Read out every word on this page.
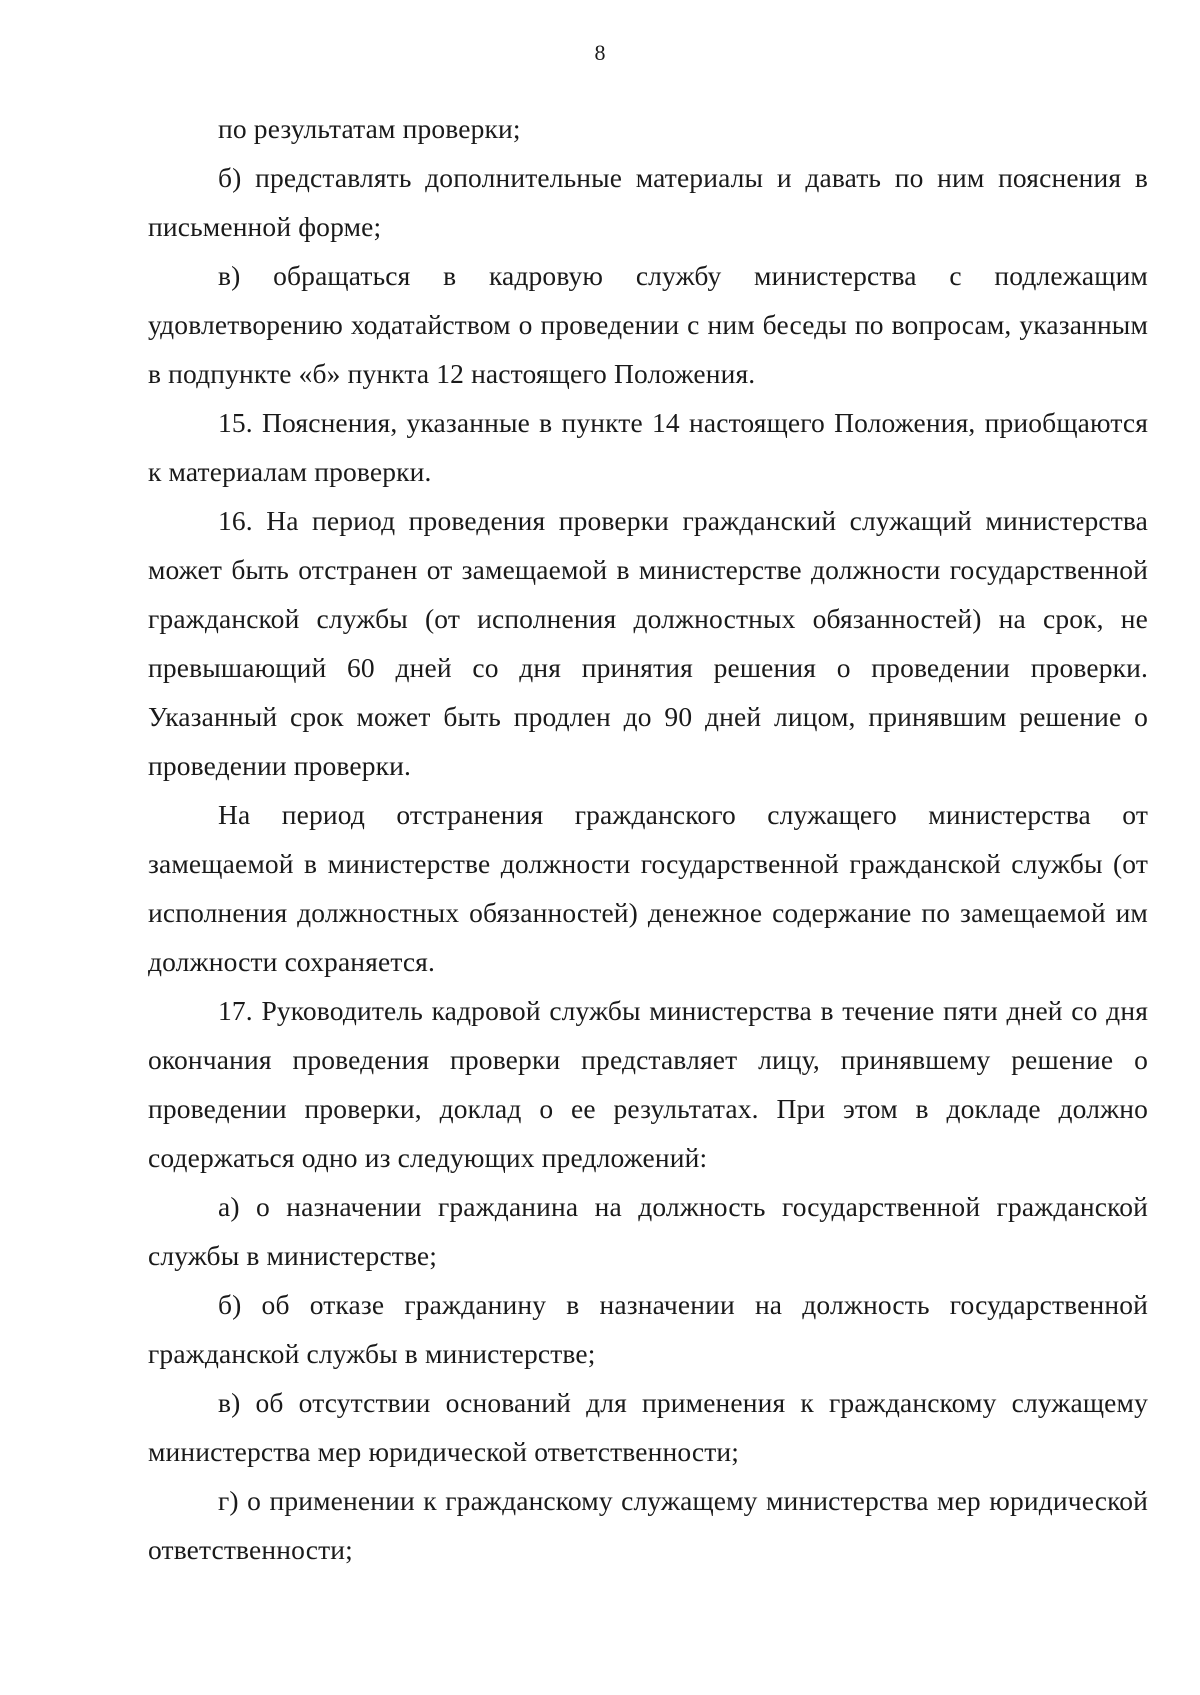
8

по результатам проверки;

б) представлять дополнительные материалы и давать по ним пояснения в письменной форме;

в) обращаться в кадровую службу министерства с подлежащим удовлетворению ходатайством о проведении с ним беседы по вопросам, указанным в подпункте «б» пункта 12 настоящего Положения.

15. Пояснения, указанные в пункте 14 настоящего Положения, приобщаются к материалам проверки.

16. На период проведения проверки гражданский служащий министерства может быть отстранен от замещаемой в министерстве должности государственной гражданской службы (от исполнения должностных обязанностей) на срок, не превышающий 60 дней со дня принятия решения о проведении проверки. Указанный срок может быть продлен до 90 дней лицом, принявшим решение о проведении проверки.

На период отстранения гражданского служащего министерства от замещаемой в министерстве должности государственной гражданской службы (от исполнения должностных обязанностей) денежное содержание по замещаемой им должности сохраняется.

17. Руководитель кадровой службы министерства в течение пяти дней со дня окончания проведения проверки представляет лицу, принявшему решение о проведении проверки, доклад о ее результатах. При этом в докладе должно содержаться одно из следующих предложений:

а) о назначении гражданина на должность государственной гражданской службы в министерстве;

б) об отказе гражданину в назначении на должность государственной гражданской службы в министерстве;

в) об отсутствии оснований для применения к гражданскому служащему министерства мер юридической ответственности;

г) о применении к гражданскому служащему министерства мер юридической ответственности;
